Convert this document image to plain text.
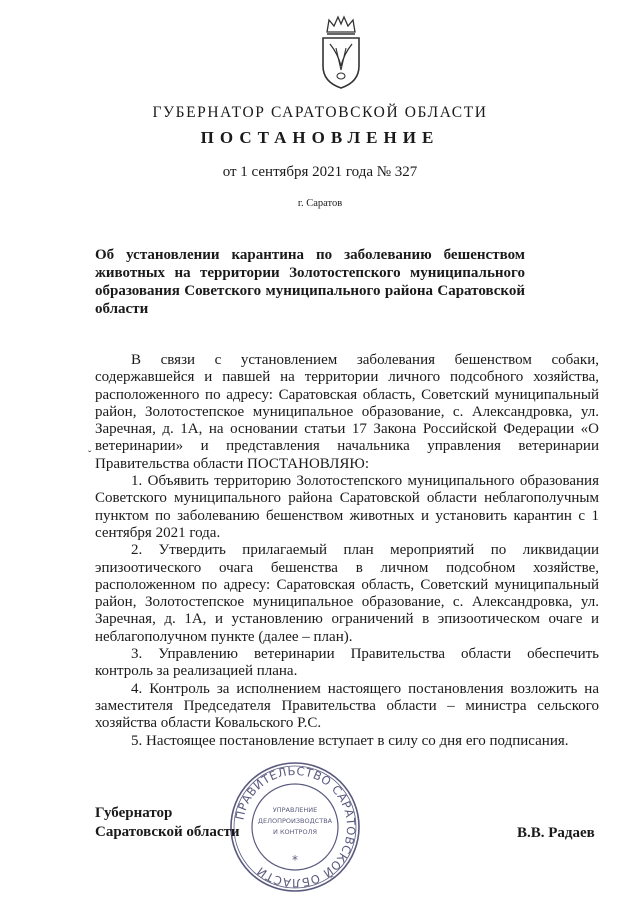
ГУБЕРНАТОР САРАТОВСКОЙ ОБЛАСТИ
ПОСТАНОВЛЕНИЕ
от 1 сентября 2021 года № 327
г. Саратов
Об установлении карантина по заболеванию бешенством животных на территории Золотостепского муниципального образования Советского муниципального района Саратовской области
ˇ

В связи с установлением заболевания бешенством собаки, содержавшейся и павшей на территории личного подсобного хозяйства, расположенного по адресу: Саратовская область, Советский муниципальный район, Золотостепское муниципальное образование, с. Александровка, ул. Заречная, д. 1А, на основании статьи 17 Закона Российской Федерации «О ветеринарии» и представления начальника управления ветеринарии Правительства области ПОСТАНОВЛЯЮ:

1. Объявить территорию Золотостепского муниципального образования Советского муниципального района Саратовской области неблагополучным пунктом по заболеванию бешенством животных и установить карантин с 1 сентября 2021 года.

2. Утвердить прилагаемый план мероприятий по ликвидации эпизоотического очага бешенства в личном подсобном хозяйстве, расположенном по адресу: Саратовская область, Советский муниципальный район, Золотостепское муниципальное образование, с. Александровка, ул. Заречная, д. 1А, и установлению ограничений в эпизоотическом очаге и неблагополучном пункте (далее – план).

3. Управлению ветеринарии Правительства области обеспечить контроль за реализацией плана.

4. Контроль за исполнением настоящего постановления возложить на заместителя Председателя Правительства области – министра сельского хозяйства области Ковальского Р.С.

5. Настоящее постановление вступает в силу со дня его подписания.

ПРАВИТЕЛЬСТВО САРАТОВСКОЙ ОБЛАСТИ
УПРАВЛЕНИЕ
ДЕЛОПРОИЗВОДСТВА
И КОНТРОЛЯ
*
Губернатор
Саратовской области	В.В. Радаев
